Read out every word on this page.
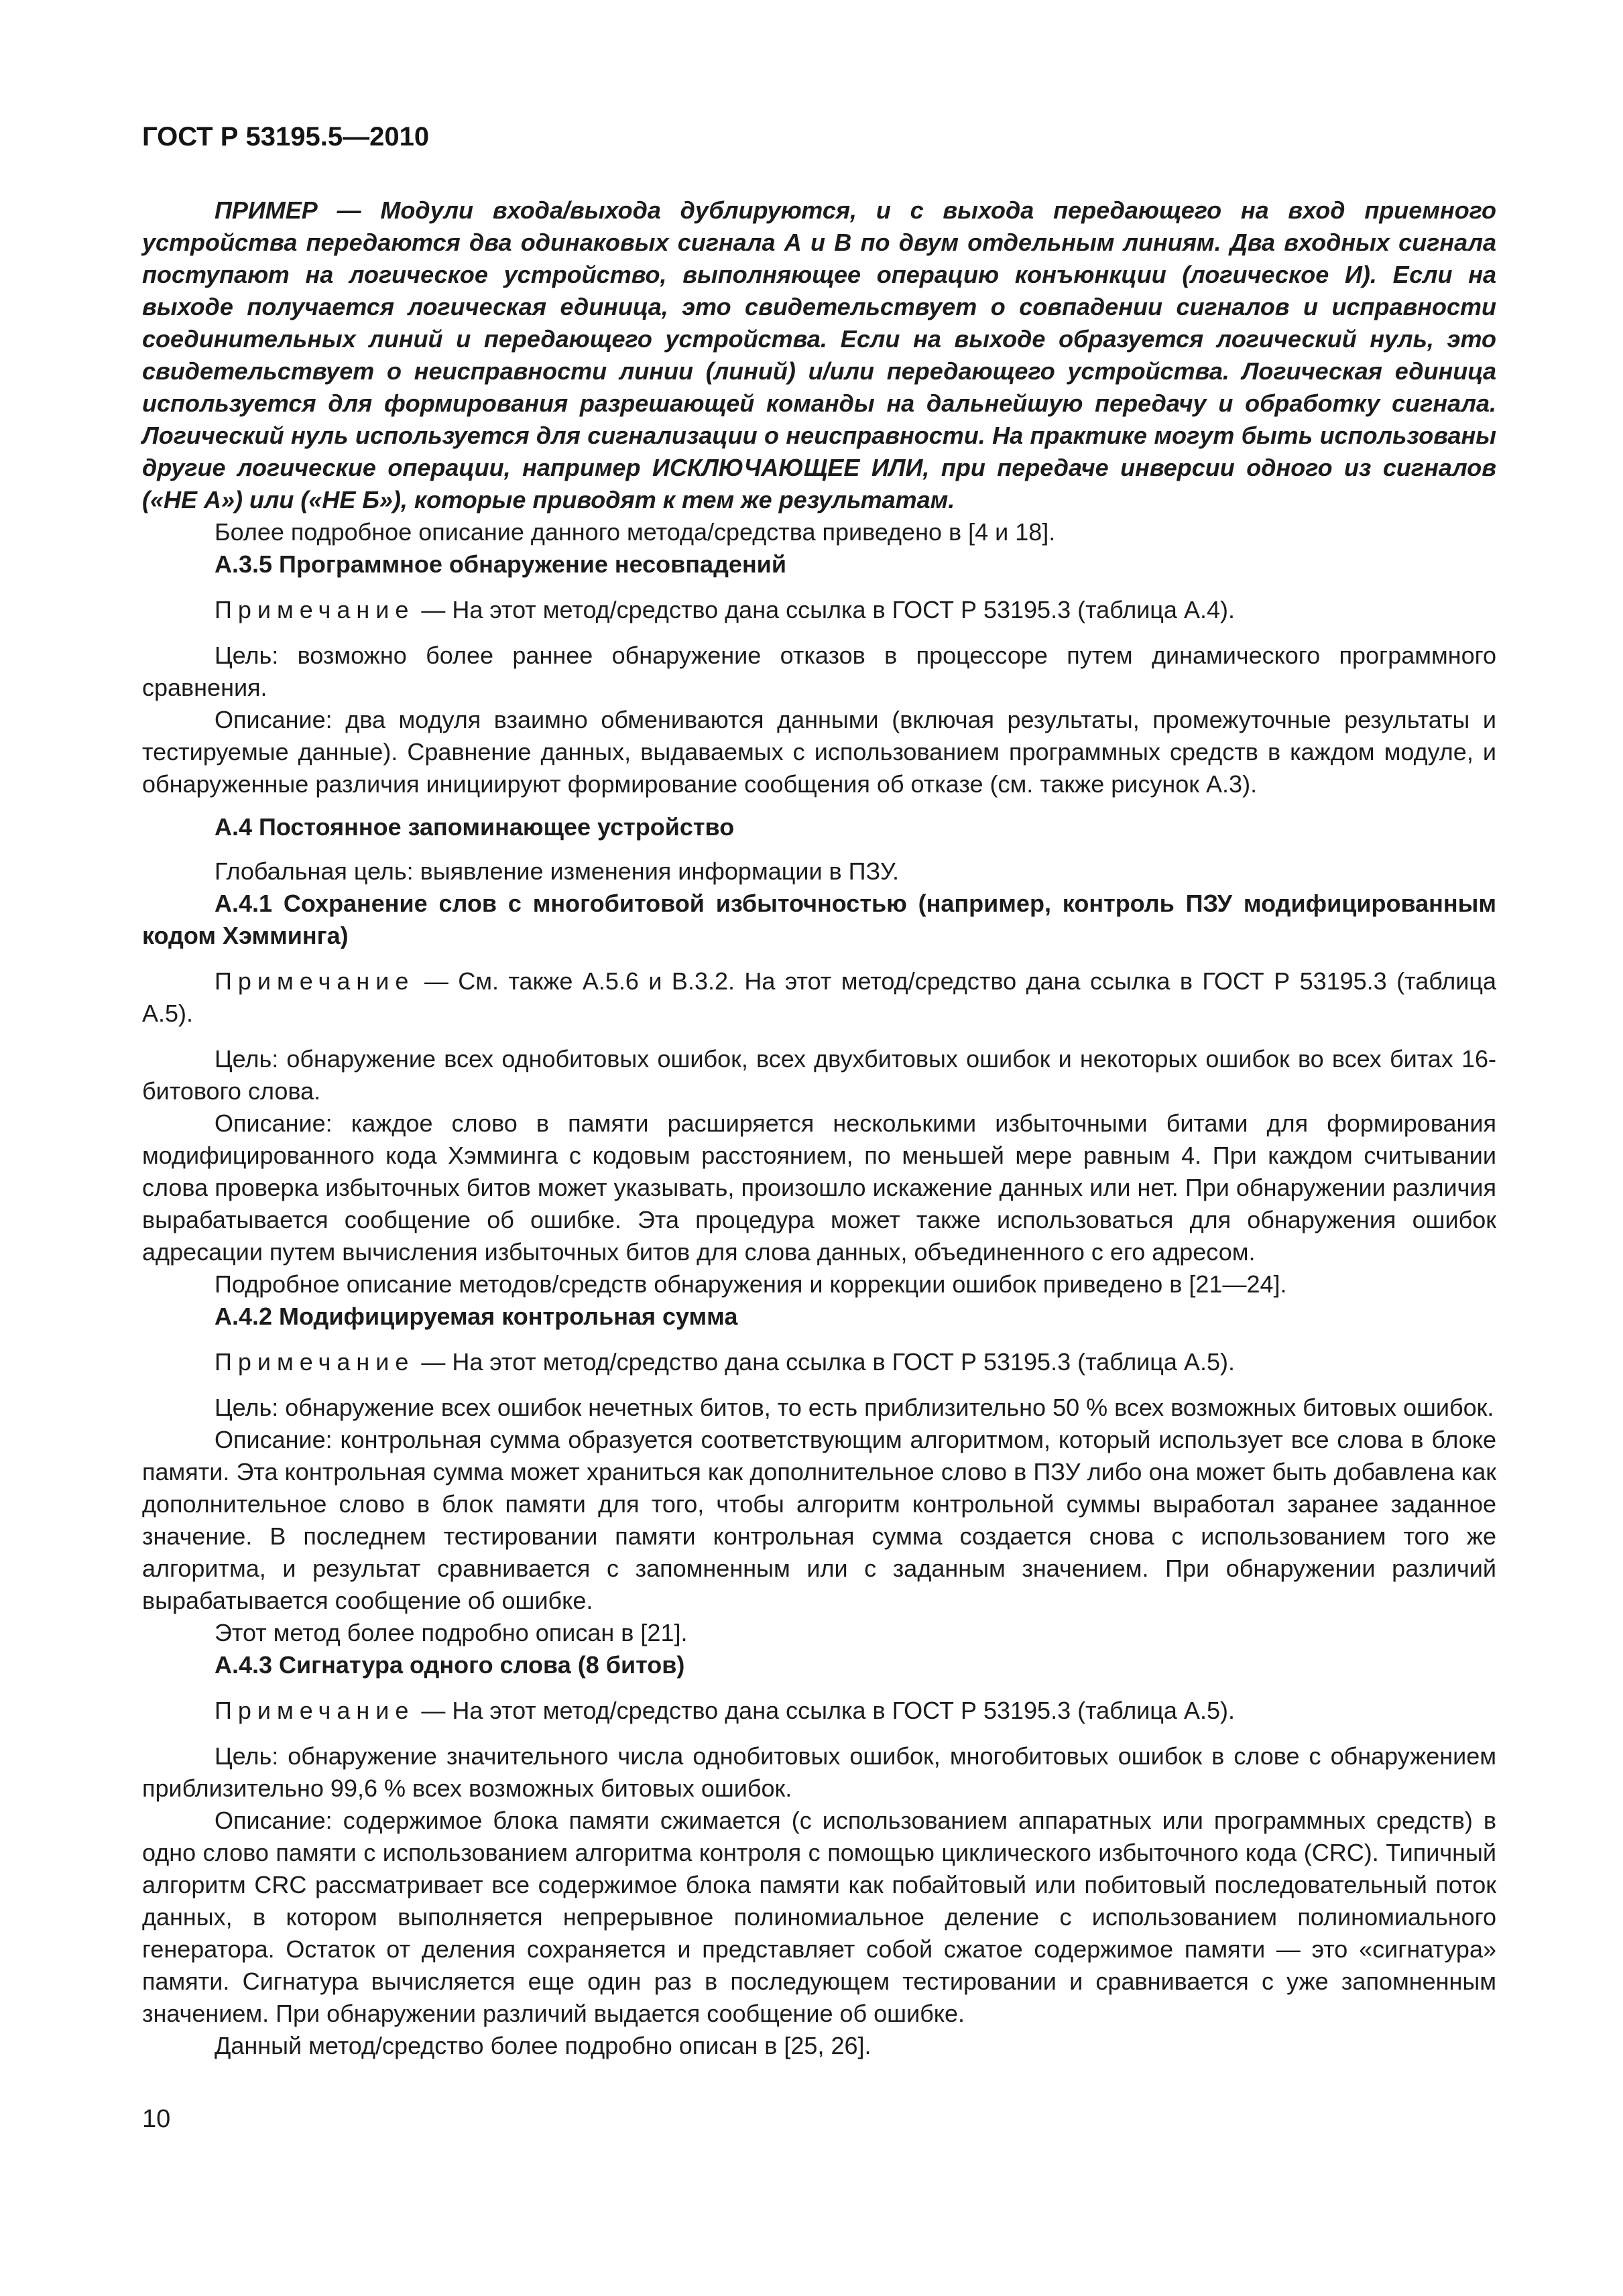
ГОСТ Р 53195.5—2010

ПРИМЕР — Модули входа/выхода дублируются, и с выхода передающего на вход приемного устройства передаются два одинаковых сигнала А и В по двум отдельным линиям. Два входных сигнала поступают на логическое устройство, выполняющее операцию конъюнкции (логическое И). Если на выходе получается логическая единица, это свидетельствует о совпадении сигналов и исправности соединительных линий и передающего устройства. Если на выходе образуется логический нуль, это свидетельствует о неисправности линии (линий) и/или передающего устройства. Логическая единица используется для формирования разрешающей команды на дальнейшую передачу и обработку сигнала. Логический нуль используется для сигнализации о неисправности. На практике могут быть использованы другие логические операции, например ИСКЛЮЧАЮЩЕЕ ИЛИ, при передаче инверсии одного из сигналов («НЕ А») или («НЕ Б»), которые приводят к тем же результатам.

Более подробное описание данного метода/средства приведено в [4 и 18].

А.3.5 Программное обнаружение несовпадений

Примечание — На этот метод/средство дана ссылка в ГОСТ Р 53195.3 (таблица А.4).

Цель: возможно более раннее обнаружение отказов в процессоре путем динамического программного сравнения.

Описание: два модуля взаимно обмениваются данными (включая результаты, промежуточные результаты и тестируемые данные). Сравнение данных, выдаваемых с использованием программных средств в каждом модуле, и обнаруженные различия инициируют формирование сообщения об отказе (см. также рисунок А.3).

А.4 Постоянное запоминающее устройство

Глобальная цель: выявление изменения информации в ПЗУ.

А.4.1 Сохранение слов с многобитовой избыточностью (например, контроль ПЗУ модифицированным кодом Хэмминга)

Примечание — См. также А.5.6 и В.3.2. На этот метод/средство дана ссылка в ГОСТ Р 53195.3 (таблица А.5).

Цель: обнаружение всех однобитовых ошибок, всех двухбитовых ошибок и некоторых ошибок во всех битах 16-битового слова.

Описание: каждое слово в памяти расширяется несколькими избыточными битами для формирования модифицированного кода Хэмминга с кодовым расстоянием, по меньшей мере равным 4. При каждом считывании слова проверка избыточных битов может указывать, произошло искажение данных или нет. При обнаружении различия вырабатывается сообщение об ошибке. Эта процедура может также использоваться для обнаружения ошибок адресации путем вычисления избыточных битов для слова данных, объединенного с его адресом.

Подробное описание методов/средств обнаружения и коррекции ошибок приведено в [21—24].

А.4.2 Модифицируемая контрольная сумма

Примечание — На этот метод/средство дана ссылка в ГОСТ Р 53195.3 (таблица А.5).

Цель: обнаружение всех ошибок нечетных битов, то есть приблизительно 50 % всех возможных битовых ошибок.

Описание: контрольная сумма образуется соответствующим алгоритмом, который использует все слова в блоке памяти. Эта контрольная сумма может храниться как дополнительное слово в ПЗУ либо она может быть добавлена как дополнительное слово в блок памяти для того, чтобы алгоритм контрольной суммы выработал заранее заданное значение. В последнем тестировании памяти контрольная сумма создается снова с использованием того же алгоритма, и результат сравнивается с запомненным или с заданным значением. При обнаружении различий вырабатывается сообщение об ошибке.

Этот метод более подробно описан в [21].

А.4.3 Сигнатура одного слова (8 битов)

Примечание — На этот метод/средство дана ссылка в ГОСТ Р 53195.3 (таблица А.5).

Цель: обнаружение значительного числа однобитовых ошибок, многобитовых ошибок в слове с обнаружением приблизительно 99,6 % всех возможных битовых ошибок.

Описание: содержимое блока памяти сжимается (с использованием аппаратных или программных средств) в одно слово памяти с использованием алгоритма контроля с помощью циклического избыточного кода (CRC). Типичный алгоритм CRC рассматривает все содержимое блока памяти как побайтовый или побитовый последовательный поток данных, в котором выполняется непрерывное полиномиальное деление с использованием полиномиального генератора. Остаток от деления сохраняется и представляет собой сжатое содержимое памяти — это «сигнатура» памяти. Сигнатура вычисляется еще один раз в последующем тестировании и сравнивается с уже запомненным значением. При обнаружении различий выдается сообщение об ошибке.

Данный метод/средство более подробно описан в [25, 26].

10
